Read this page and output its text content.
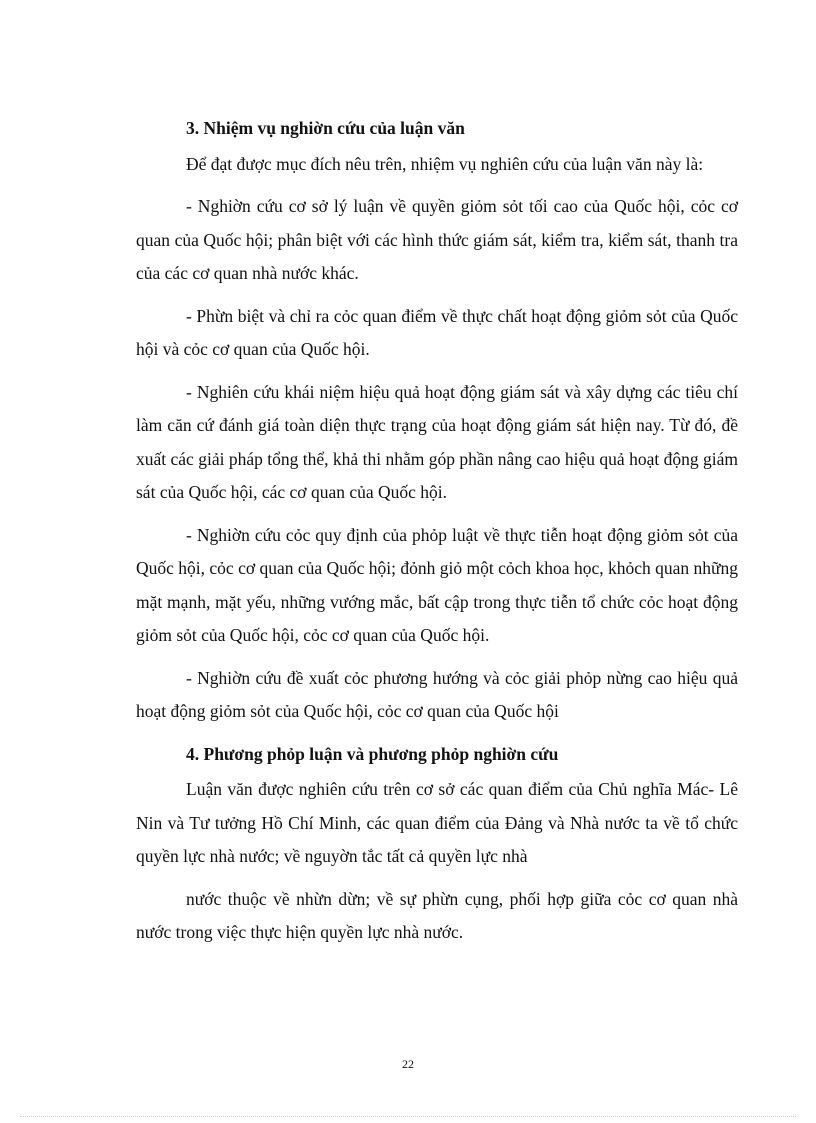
3. Nhiệm vụ nghiờn cứu của luận văn

Để đạt được mục đích nêu trên, nhiệm vụ nghiên cứu của luận văn này là:

- Nghiờn cứu cơ sở lý luận về quyền giỏm sỏt tối cao của Quốc hội, cỏc cơ quan của Quốc hội; phân biệt với các hình thức giám sát, kiểm tra, kiểm sát, thanh tra của các cơ quan nhà nước khác.

- Phừn biệt và chỉ ra cỏc quan điểm về thực chất hoạt động giỏm sỏt của Quốc hội và cỏc cơ quan của Quốc hội.

- Nghiên cứu khái niệm hiệu quả hoạt động giám sát và xây dựng các tiêu chí làm căn cứ đánh giá toàn diện thực trạng của hoạt động giám sát hiện nay. Từ đó, đề xuất các giải pháp tổng thể, khả thi nhằm góp phần nâng cao hiệu quả hoạt động giám sát của Quốc hội, các cơ quan của Quốc hội.

- Nghiờn cứu cỏc quy định của phỏp luật về thực tiễn hoạt động giỏm sỏt của Quốc hội, cỏc cơ quan của Quốc hội; đỏnh giỏ một cỏch khoa học, khỏch quan những mặt mạnh, mặt yếu, những vướng mắc, bất cập trong thực tiễn tổ chức cỏc hoạt động giỏm sỏt của Quốc hội, cỏc cơ quan của Quốc hội.

- Nghiờn cứu đề xuất cỏc phương hướng và cỏc giải phỏp nừng cao hiệu quả hoạt động giỏm sỏt của Quốc hội, cỏc cơ quan của Quốc hội

4. Phương phỏp luận và phương phỏp nghiờn cứu

Luận văn được nghiên cứu trên cơ sở các quan điểm của Chủ nghĩa Mác- Lê Nin và Tư tưởng Hồ Chí Minh, các quan điểm của Đảng và Nhà nước ta về tổ chức quyền lực nhà nước; về nguyờn tắc tất cả quyền lực nhà

nước thuộc về nhừn dừn; về sự phừn cụng, phối hợp giữa cỏc cơ quan nhà nước trong việc thực hiện quyền lực nhà nước.

22
